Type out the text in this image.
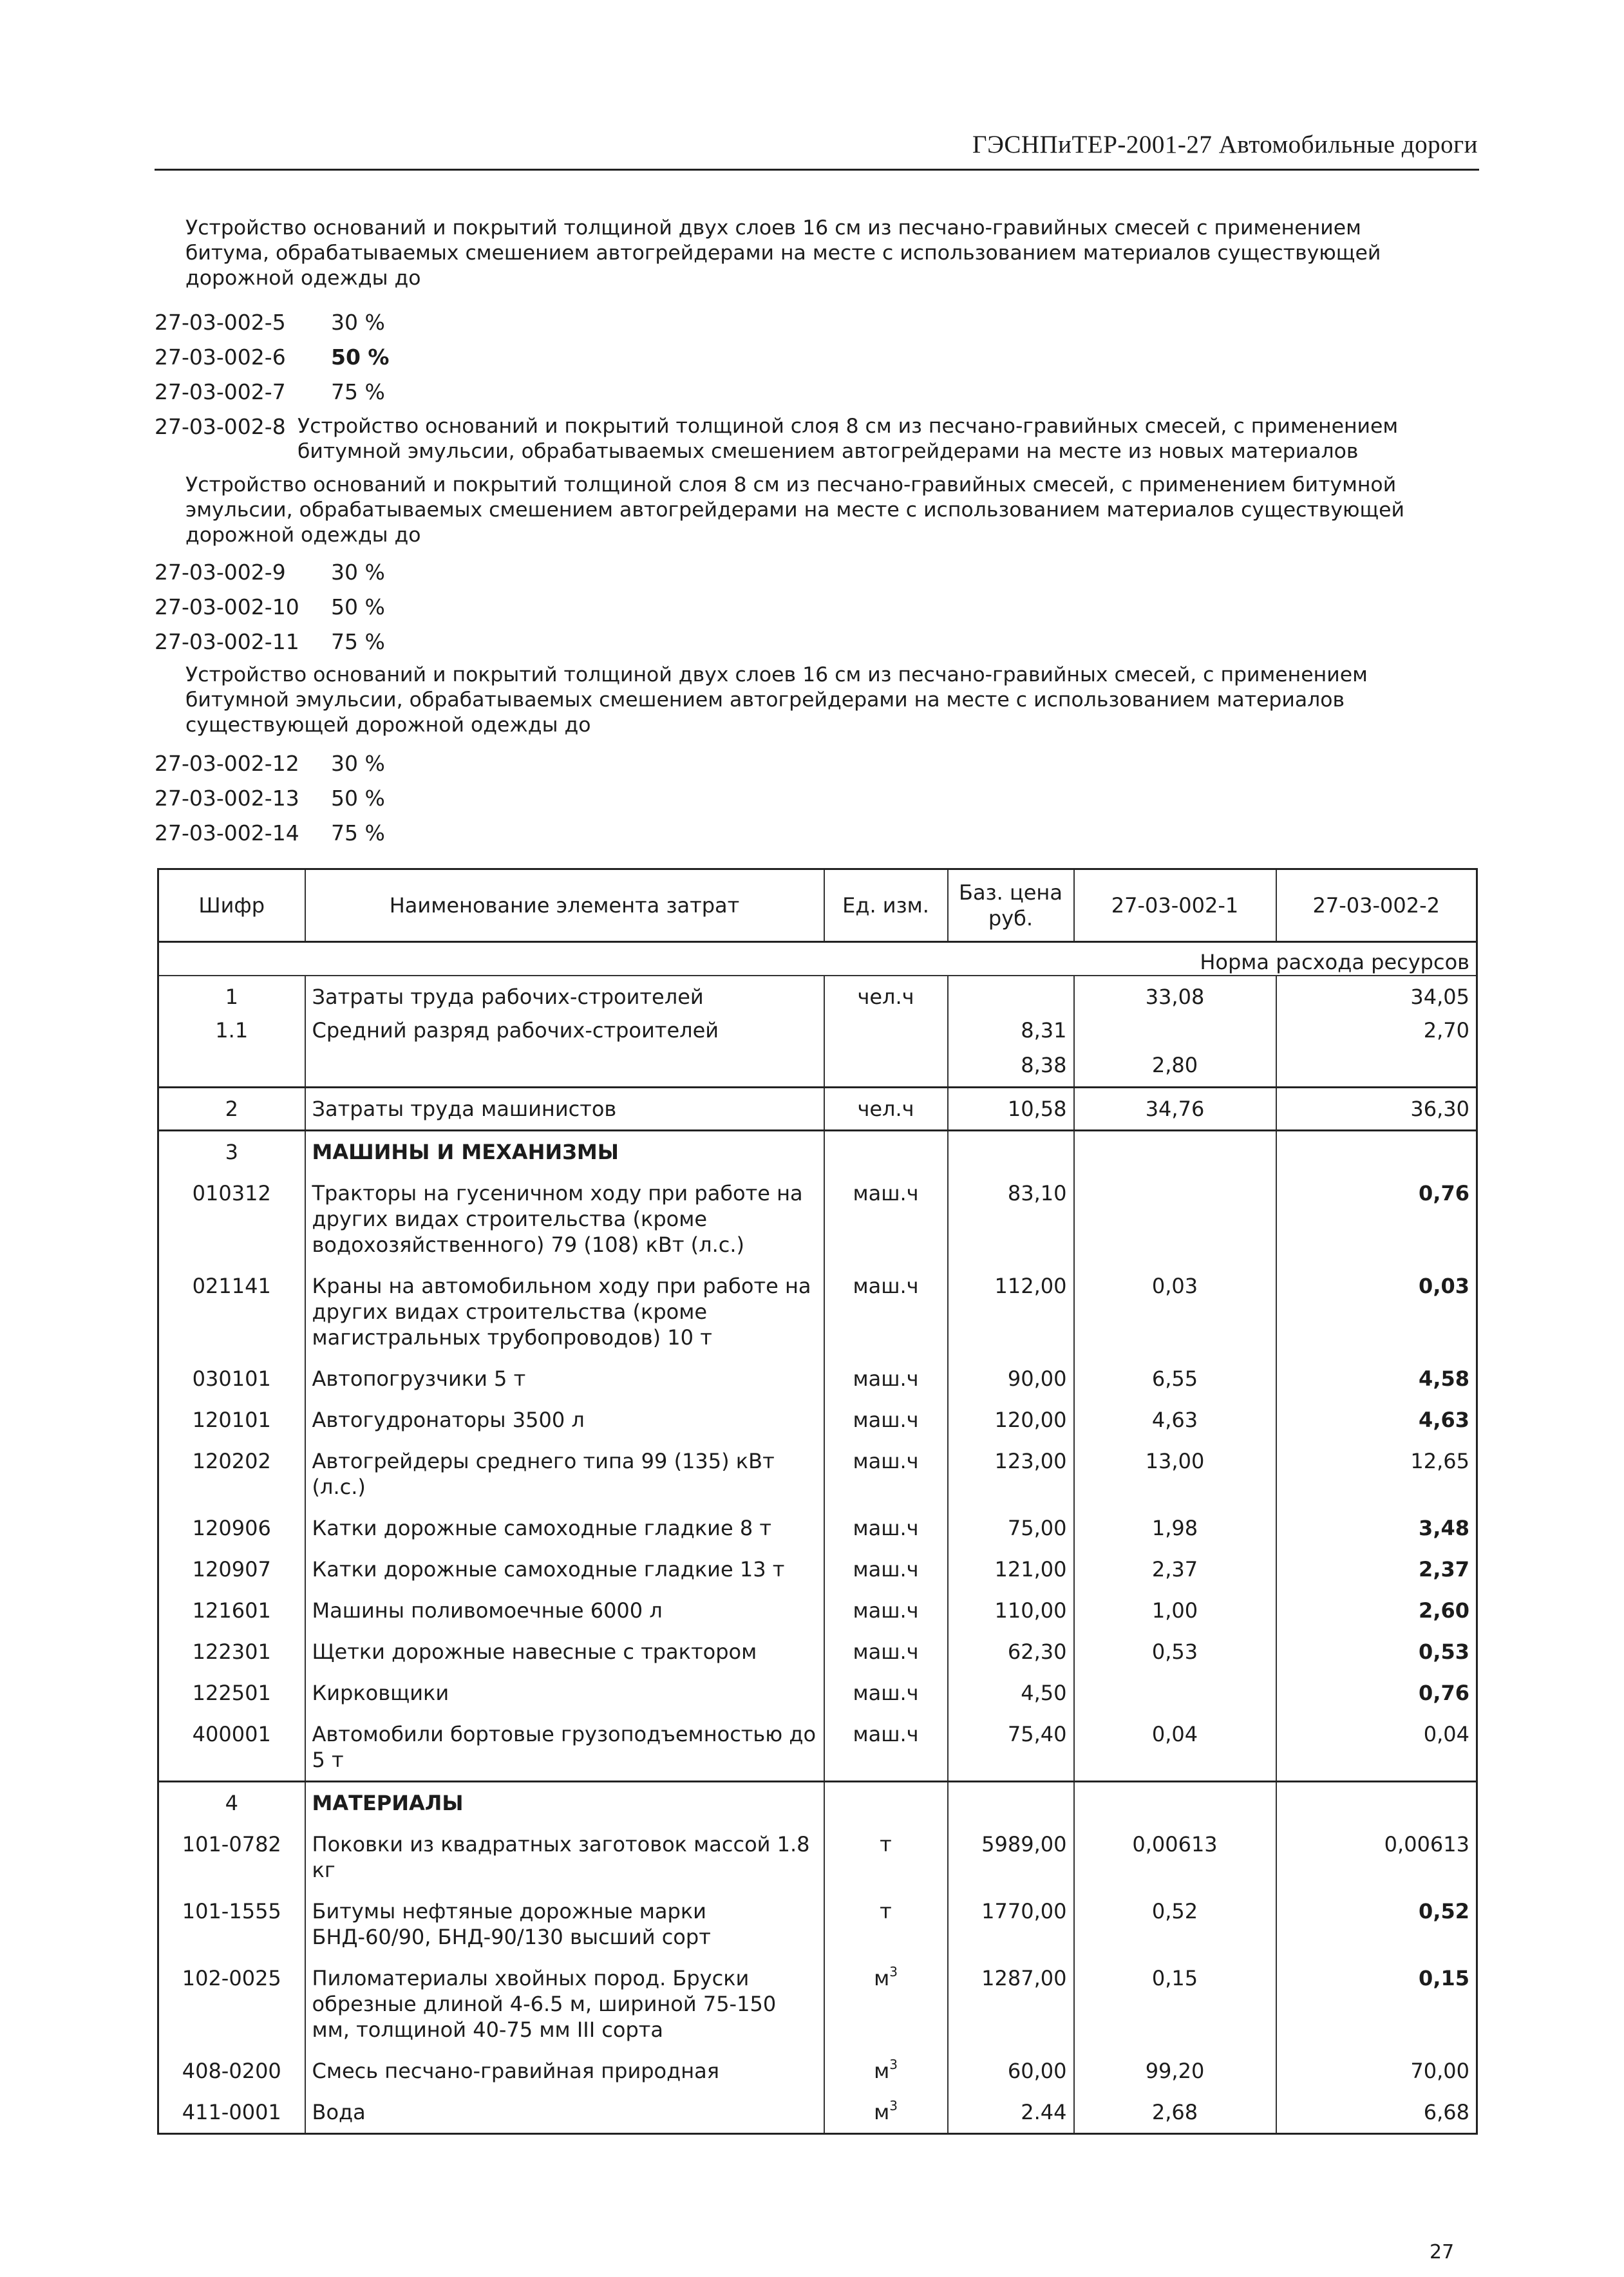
ГЭСНПиТЕР-2001-27 Автомобильные дороги
Устройство оснований и покрытий толщиной двух слоев 16 см из песчано-гравийных смесей с применением битума, обрабатываемых смешением автогрейдерами на месте с использованием материалов существующей дорожной одежды до
27-03-002-5 30 %
27-03-002-6 50 %
27-03-002-7 75 %
27-03-002-8 Устройство оснований и покрытий толщиной слоя 8 см из песчано-гравийных смесей, с применением битумной эмульсии, обрабатываемых смешением автогрейдерами на месте из новых материалов
Устройство оснований и покрытий толщиной слоя 8 см из песчано-гравийных смесей, с применением битумной эмульсии, обрабатываемых смешением автогрейдерами на месте с использованием материалов существующей дорожной одежды до
27-03-002-9 30 %
27-03-002-10 50 %
27-03-002-11 75 %
Устройство оснований и покрытий толщиной двух слоев 16 см из песчано-гравийных смесей, с применением битумной эмульсии, обрабатываемых смешением автогрейдерами на месте с использованием материалов существующей дорожной одежды до
27-03-002-12 30 %
27-03-002-13 50 %
27-03-002-14 75 %
Шифр	Наименование элемента затрат	Ед. изм.	Баз. цена руб.	27-03-002-1	27-03-002-2
Норма расхода ресурсов					
1	Затраты труда рабочих-строителей	чел.ч		33,08	34,05
1.1	Средний разряд рабочих-строителей		8,31		2,70
			8,38	2,80	
2	Затраты труда машинистов	чел.ч	10,58	34,76	36,30
3	МАШИНЫ И МЕХАНИЗМЫ				
010312	Тракторы на гусеничном ходу при работе на других видах строительства (кроме водохозяйственного) 79 (108) кВт (л.с.)	маш.ч	83,10		0,76
021141	Краны на автомобильном ходу при работе на других видах строительства (кроме магистральных трубопроводов) 10 т	маш.ч	112,00	0,03	0,03
030101	Автопогрузчики 5 т	маш.ч	90,00	6,55	4,58
120101	Автогудронаторы 3500 л	маш.ч	120,00	4,63	4,63
120202	Автогрейдеры среднего типа 99 (135) кВт (л.с.)	маш.ч	123,00	13,00	12,65
120906	Катки дорожные самоходные гладкие 8 т	маш.ч	75,00	1,98	3,48
120907	Катки дорожные самоходные гладкие 13 т	маш.ч	121,00	2,37	2,37
121601	Машины поливомоечные 6000 л	маш.ч	110,00	1,00	2,60
122301	Щетки дорожные навесные с трактором	маш.ч	62,30	0,53	0,53
122501	Кирковщики	маш.ч	4,50		0,76
400001	Автомобили бортовые грузоподъемностью до 5 т	маш.ч	75,40	0,04	0,04
4	МАТЕРИАЛЫ				
101-0782	Поковки из квадратных заготовок массой 1.8 кг	т	5989,00	0,00613	0,00613
101-1555	Битумы нефтяные дорожные марки БНД-60/90, БНД-90/130 высший сорт	т	1770,00	0,52	0,52
102-0025	Пиломатериалы хвойных пород. Бруски обрезные длиной 4-6.5 м, шириной 75-150 мм, толщиной 40-75 мм III сорта	$м^3$	1287,00	0,15	0,15
408-0200	Смесь песчано-гравийная природная	$м^3$	60,00	99,20	70,00
411-0001	Вода	$м^3$	2.44	2,68	6,68
27
